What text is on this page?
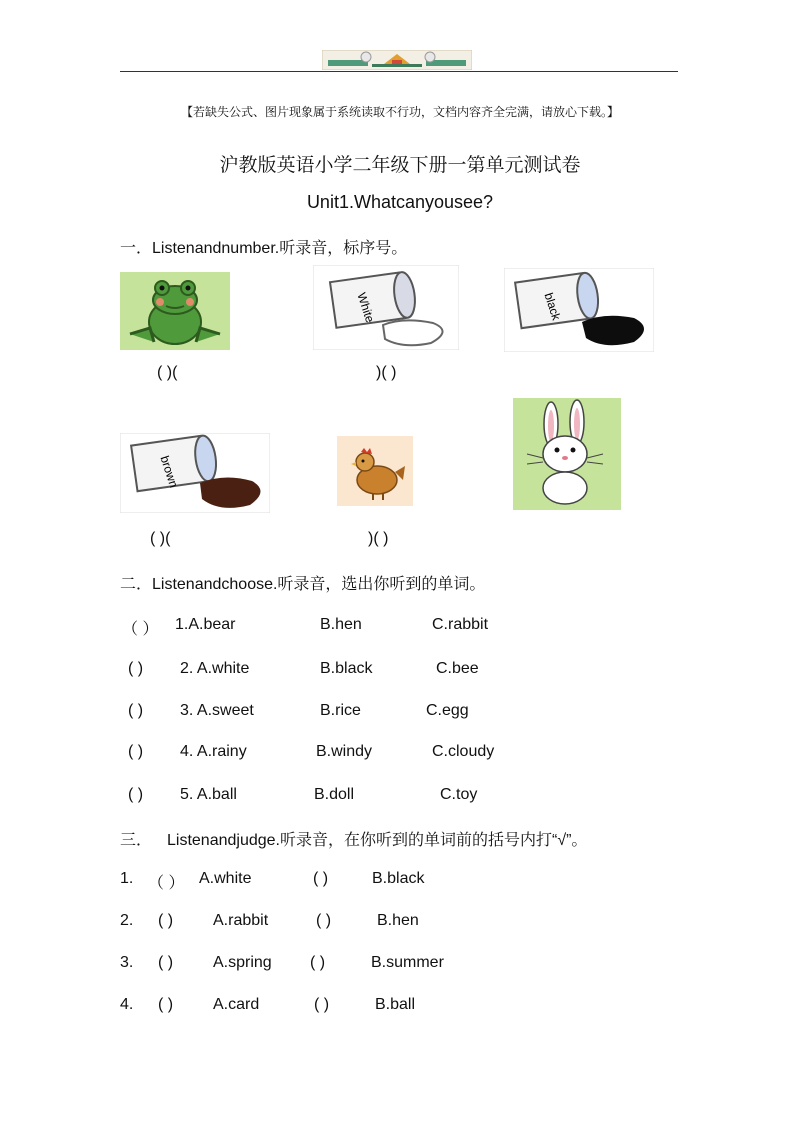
【若缺失公式、图片现象属于系统读取不行功，文档内容齐全完满，请放心下载。】
沪教版英语小学二年级下册一第单元测试卷
Unit1.Whatcanyousee?
一．Listenandnumber.听录音，标序号。
White	black
( )(	)( )
brown
( )(	)( )
二．Listenandchoose.听录音，选出你听到的单词。
（ ） 1.A.bear	B.hen	C.rabbit
( ) 2. A.white	B.black	C.bee
( ) 3. A.sweet	B.rice	C.egg
( ) 4. A.rainy	B.windy	C.cloudy
( ) 5. A.ball	B.doll	C.toy
三． Listenandjudge.听录音，在你听到的单词前的括号内打“√”。
1. （ ） A.white	( )	B.black
2. ( ) A.rabbit	( )	B.hen
3. ( ) A.spring ( )	B.summer
4. ( ) A.card	( )	B.ball
